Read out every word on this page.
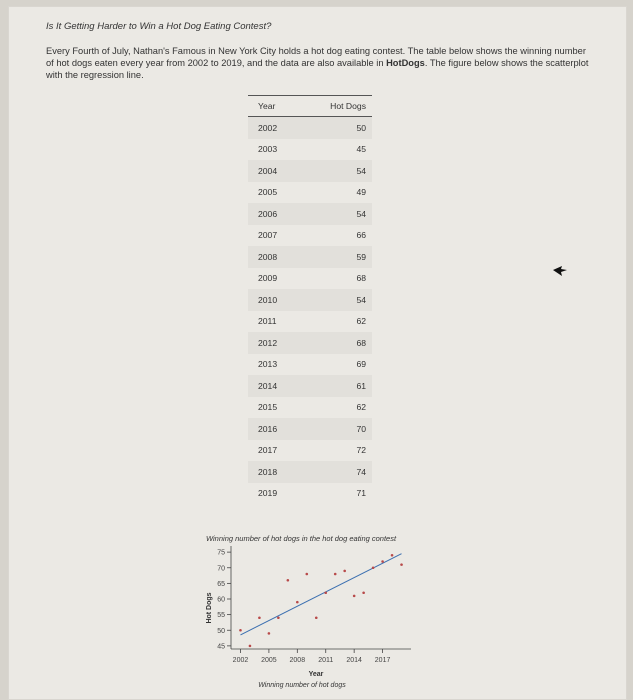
Is It Getting Harder to Win a Hot Dog Eating Contest?
Every Fourth of July, Nathan's Famous in New York City holds a hot dog eating contest. The table below shows the winning number of hot dogs eaten every year from 2002 to 2019, and the data are also available in HotDogs. The figure below shows the scatterplot with the regression line.
Year	Hot Dogs
2002	50
2003	45
2004	54
2005	49
2006	54
2007	66
2008	59
2009	68
2010	54
2011	62
2012	68
2013	69
2014	61
2015	62
2016	70
2017	72
2018	74
2019	71
Winning number of hot dogs in the hot dog eating contest
Hot Dogs
Year
Winning number of hot dogs
45
50
55
60
65
70
75
2002 2005 2008 2011 2014 2017
